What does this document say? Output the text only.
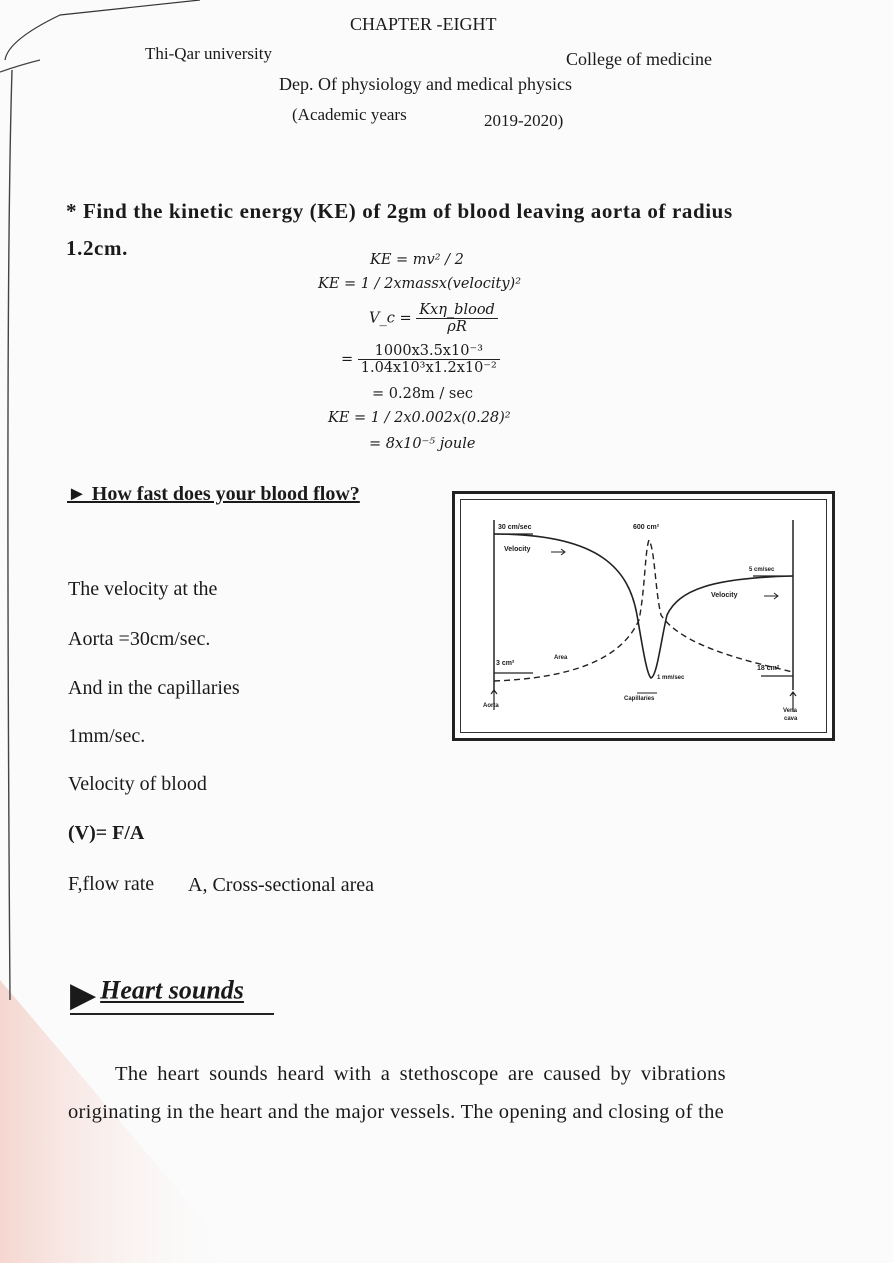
CHAPTER -EIGHT
Thi-Qar university	College of medicine
Dep. Of physiology and medical physics
(Academic years	2019-2020)
* Find the kinetic energy (KE) of 2gm of blood leaving aorta of radius
1.2cm.	KE = mv² / 2
KE = 1 / 2xmassx(velocity)²
V_c = $\frac{\text{Kxη\_blood}}{\rho R}$
= $\frac{\text{1000x3.5x10⁻³}}{\text{1.04x10³x1.2x10⁻²}}$
= 0.28m / sec
KE = 1 / 2x0.002x(0.28)²
= 8x10⁻⁵ joule
► How fast does your blood flow?
The velocity at the
Aorta =30cm/sec.
And in the capillaries
1mm/sec.
Velocity of blood
(V)= F/A
F,flow rate A, Cross-sectional area
30 cm/sec
Velocity
600 cm²
5 cm/sec
Velocity
3 cm²
Area
18 cm²
1 mm/sec
Capillaries
Aorta
Vena
cava
▶ Heart sounds
The heart sounds heard with a stethoscope are caused by vibrations
originating in the heart and the major vessels. The opening and closing of the
